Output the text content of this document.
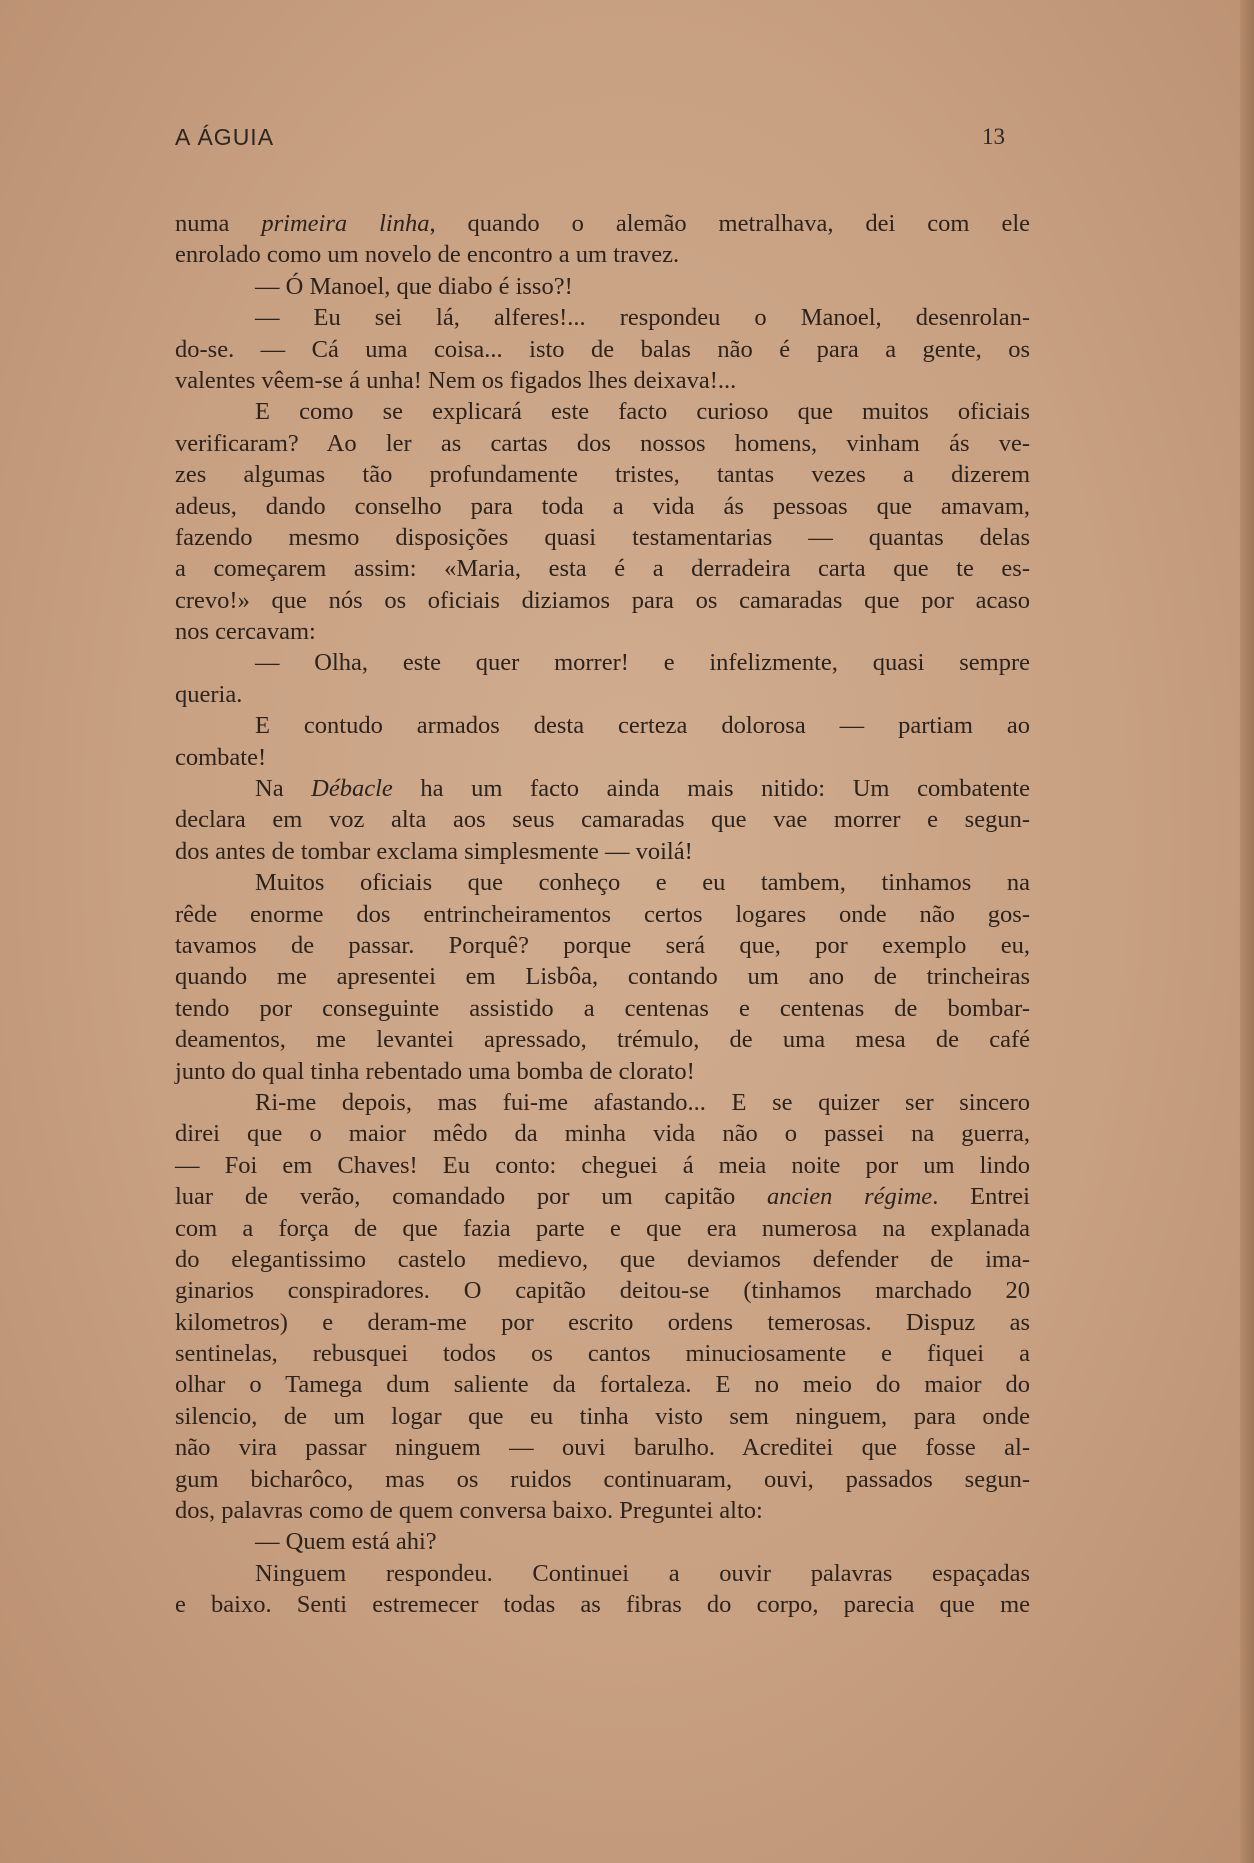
A ÁGUIA	13
numa primeira linha, quando o alemão metralhava, dei com ele
enrolado como um novelo de encontro a um travez.
— Ó Manoel, que diabo é isso?!
— Eu sei lá, alferes!... respondeu o Manoel, desenrolan-
do-se. — Cá uma coisa... isto de balas não é para a gente, os
valentes vêem-se á unha! Nem os figados lhes deixava!...
E como se explicará este facto curioso que muitos oficiais
verificaram? Ao ler as cartas dos nossos homens, vinham ás ve-
zes algumas tão profundamente tristes, tantas vezes a dizerem
adeus, dando conselho para toda a vida ás pessoas que amavam,
fazendo mesmo disposições quasi testamentarias — quantas delas
a começarem assim: «Maria, esta é a derradeira carta que te es-
crevo!» que nós os oficiais diziamos para os camaradas que por acaso
nos cercavam:
— Olha, este quer morrer! e infelizmente, quasi sempre
queria.
E contudo armados desta certeza dolorosa — partiam ao
combate!
Na Débacle ha um facto ainda mais nitido: Um combatente
declara em voz alta aos seus camaradas que vae morrer e segun-
dos antes de tombar exclama simplesmente — voilá!
Muitos oficiais que conheço e eu tambem, tinhamos na
rêde enorme dos entrincheiramentos certos logares onde não gos-
tavamos de passar. Porquê? porque será que, por exemplo eu,
quando me apresentei em Lisbôa, contando um ano de trincheiras
tendo por conseguinte assistido a centenas e centenas de bombar-
deamentos, me levantei apressado, trémulo, de uma mesa de café
junto do qual tinha rebentado uma bomba de clorato!
Ri-me depois, mas fui-me afastando... E se quizer ser sincero
direi que o maior mêdo da minha vida não o passei na guerra,
— Foi em Chaves! Eu conto: cheguei á meia noite por um lindo
luar de verão, comandado por um capitão ancien régime. Entrei
com a força de que fazia parte e que era numerosa na explanada
do elegantissimo castelo medievo, que deviamos defender de ima-
ginarios conspiradores. O capitão deitou-se (tinhamos marchado 20
kilometros) e deram-me por escrito ordens temerosas. Dispuz as
sentinelas, rebusquei todos os cantos minuciosamente e fiquei a
olhar o Tamega dum saliente da fortaleza. E no meio do maior do
silencio, de um logar que eu tinha visto sem ninguem, para onde
não vira passar ninguem — ouvi barulho. Acreditei que fosse al-
gum bicharôco, mas os ruidos continuaram, ouvi, passados segun-
dos, palavras como de quem conversa baixo. Preguntei alto:
— Quem está ahi?
Ninguem respondeu. Continuei a ouvir palavras espaçadas
e baixo. Senti estremecer todas as fibras do corpo, parecia que me
